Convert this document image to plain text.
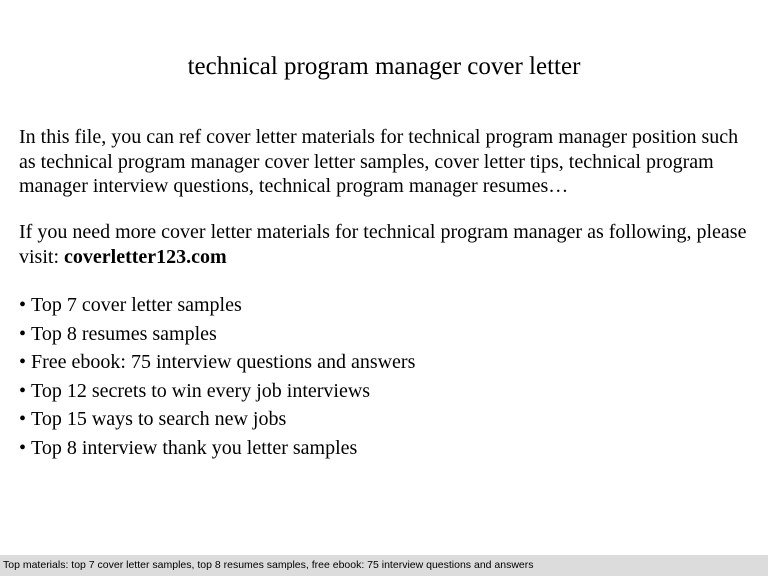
technical program manager cover letter
In this file, you can ref cover letter materials for technical program manager position such as technical program manager cover letter samples, cover letter tips, technical program manager interview questions, technical program manager resumes…
If you need more cover letter materials for technical program manager as following, please visit: coverletter123.com
• Top 7 cover letter samples
• Top 8 resumes samples
• Free ebook: 75 interview questions and answers
• Top 12 secrets to win every job interviews
• Top 15 ways to search new jobs
• Top 8 interview thank you letter samples
Top materials: top 7 cover letter samples, top 8 resumes samples, free ebook: 75 interview questions and answers
